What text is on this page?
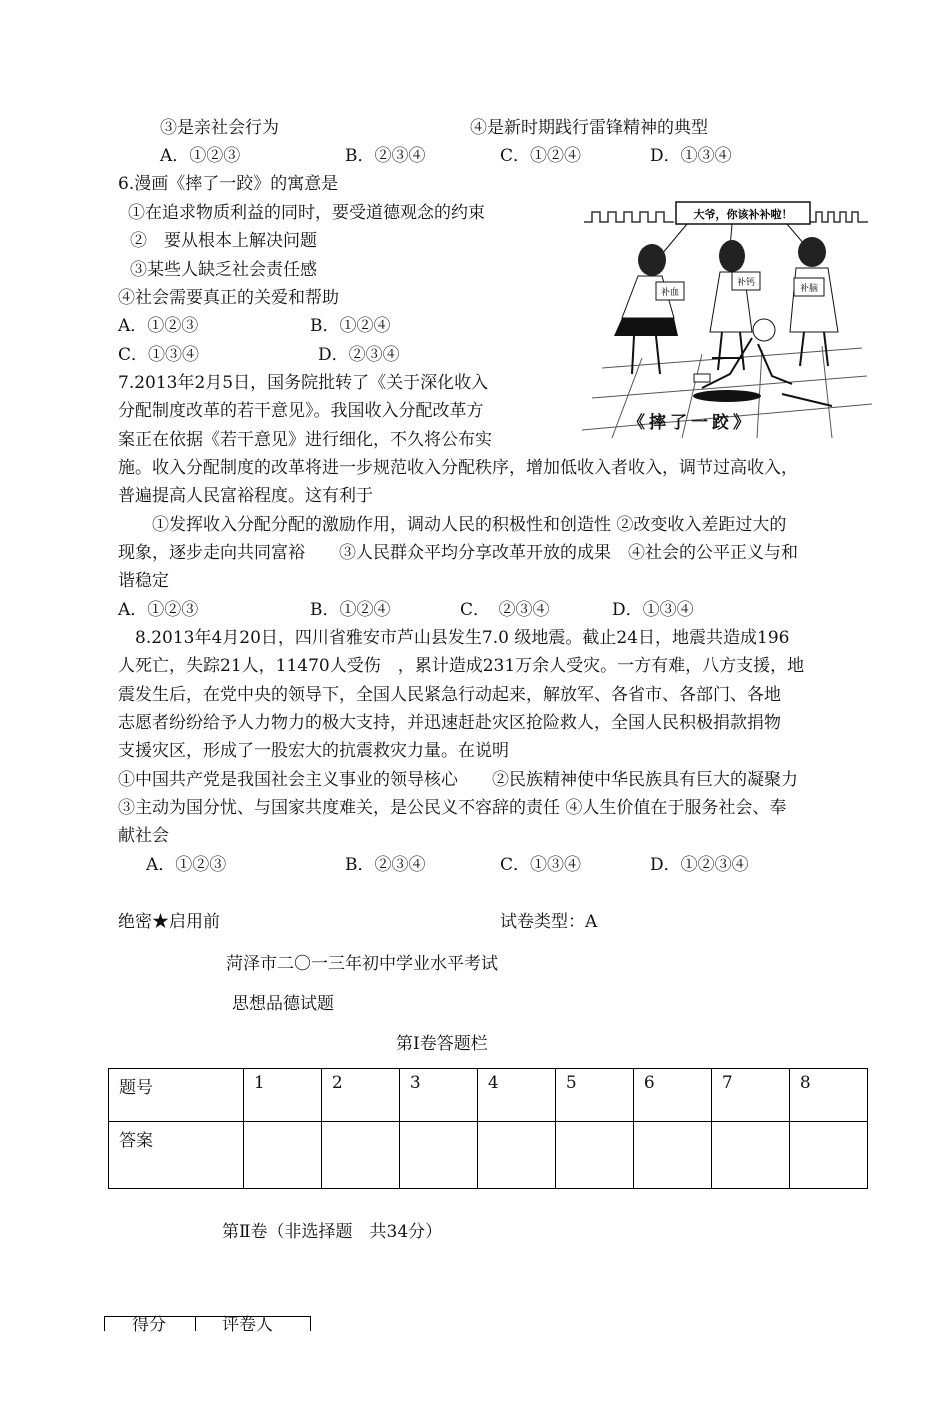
③是亲社会行为	④是新时期践行雷锋精神的典型
A．①②③	B．②③④	C．①②④	D．①③④
6.漫画《摔了一跤》的寓意是
①在追求物质利益的同时，要受道德观念的约束
②　要从根本上解决问题
③某些人缺乏社会责任感
④社会需要真正的关爱和帮助
A．①②③	B．①②④
C．①③④	D．②③④
大爷，你该补补啦！
补血
补钙
补脑
《摔了一跤》
7.2013年2月5日，国务院批转了《关于深化收入
分配制度改革的若干意见》。我国收入分配改革方
案正在依据《若干意见》进行细化，不久将公布实
施。收入分配制度的改革将进一步规范收入分配秩序，增加低收入者收入，调节过高收入，
普遍提高人民富裕程度。这有利于
　　①发挥收入分配分配的激励作用，调动人民的积极性和创造性 ②改变收入差距过大的
现象，逐步走向共同富裕　　③人民群众平均分享改革开放的成果　④社会的公平正义与和
谐稳定
A．①②③	B．①②④	C．　②③④	D．①③④
　8.2013年4月20日，四川省雅安市芦山县发生7.0 级地震。截止24日，地震共造成196
人死亡，失踪21人，11470人受伤　，累计造成231万余人受灾。一方有难，八方支援，地
震发生后，在党中央的领导下，全国人民紧急行动起来，解放军、各省市、各部门、各地
志愿者纷纷给予人力物力的极大支持，并迅速赶赴灾区抢险救人，全国人民积极捐款捐物
支援灾区，形成了一股宏大的抗震救灾力量。在说明
①中国共产党是我国社会主义事业的领导核心　　②民族精神使中华民族具有巨大的凝聚力
③主动为国分忧、与国家共度难关，是公民义不容辞的责任 ④人生价值在于服务社会、奉
献社会
A．①②③	B．②③④	C．①③④	D．①②③④
绝密★启用前	试卷类型：A
菏泽市二〇一三年初中学业水平考试
思想品德试题
第Ⅰ卷答题栏
题号	1	2	3	4	5	6	7	8
答案								
第Ⅱ卷（非选择题　共34分）
得分	评卷人
